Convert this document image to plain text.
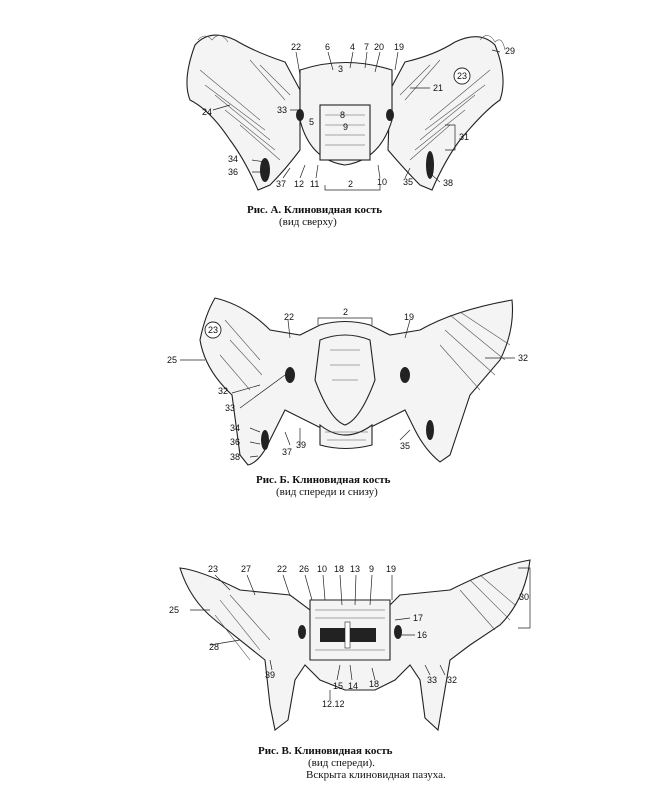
22	6 4 7 20 19	29
3
23
24
21
33
5
8
9
31
34
36
37 12 11	2	10 35	38
23
22	2	19
25	32
32
33
34
36
38	37
39	35
23	27	22 26 10 18 13 9 19
25
30
17
16
28
39
15 14 18	33 32
12.12
Рис. А. Клиновидная кость
(вид сверху)
Рис. Б. Клиновидная кость
(вид спереди и снизу)
Рис. В. Клиновидная кость
(вид спереди).
Вскрыта клиновидная пазуха.
